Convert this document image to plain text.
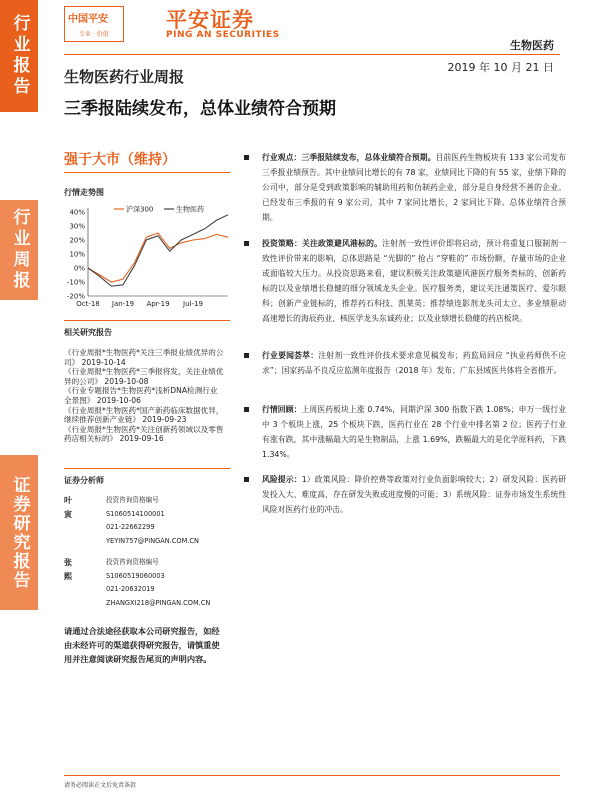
行业报告
行业周报
证券研究报告
中国平安
专业 · 价值
平安证券
PING AN SECURITIES
生物医药
2019 年 10 月 21 日
生物医药行业周报
三季报陆续发布，总体业绩符合预期
强于大市（维持）
行情走势图
40%
30%
20%
10%
0%
-10%
-20%
Oct-18 Jan-19 Apr-19 Jul-19
沪深300	生物医药
相关研究报告
《行业周报*生物医药*关注三季报业绩优异的公司》 2019-10-14
《行业周报*生物医药*三季报将发，关注业绩优异的公司》 2019-10-08
《行业专题报告*生物医药*浅析DNA检测行业全景图》 2019-10-06
《行业周报*生物医药*国产新药临床数据优异，继续推荐创新产业链》 2019-09-23
《行业周报*生物医药*关注创新药领域以及零售药店相关标的》 2019-09-16
证券分析师
叶寅
投资咨询资格编号
S1060514100001
021-22662299
YEYIN757@PINGAN.COM.CN
张熙
投资咨询资格编号
S1060519060003
021-20632019
ZHANGXI218@PINGAN.COM.CN
请通过合法途径获取本公司研究报告，如经由未经许可的渠道获得研究报告，请慎重使用并注意阅读研究报告尾页的声明内容。
行业观点：三季报陆续发布，总体业绩符合预期。目前医药生物板块有 133 家公司发布三季报业绩预告。其中业绩同比增长的有 78 家，业绩同比下降的有 55 家，业绩下降的公司中，部分是受到政策影响的辅助用药和仿制药企业，部分是自身经营不善的企业。已经发布三季报的有 9 家公司，其中 7 家同比增长，2 家同比下降。总体业绩符合预期。
投资策略：关注政策避风港标的。注射剂一致性评价即将启动，预计将重复口服制剂一致性评价带来的影响，总体思路是 “光脚的” 抢占 “穿鞋的” 市场份额，存量市场的企业或面临较大压力。从投资思路来看，建议积极关注政策避风港医疗服务类标的、创新药标的以及业绩增长稳健的细分领域龙头企业。医疗服务类，建议关注通策医疗、爱尔眼科；创新产业链标的，推荐药石科技、凯莱英；推荐绩连影剂龙头司太立、多业绩驱动高速增长的海辰药业、核医学龙头东诚药业；以及业绩增长稳健的药店板块。
行业要闻荟萃：注射剂一致性评价技术要求意见稿发布；药监局回应 “执业药师供不应求”；国家药品不良反应监测年度报告（2018 年）发布；广东县域医共体将全省推开。
行情回顾：上周医药板块上涨 0.74%，同期沪深 300 指数下跌 1.08%；申万一级行业中 3 个板块上涨，25 个板块下跌，医药行业在 28 个行业中排名第 2 位；医药子行业有涨有跌，其中涨幅最大的是生物制品，上涨 1.69%，跌幅最大的是化学原料药，下跌 1.34%。
风险提示：1）政策风险：降价控费等政策对行业负面影响较大；2）研发风险：医药研发投入大、难度高，存在研发失败或进度慢的可能；3）系统风险：证券市场发生系统性风险对医药行业的冲击。
请务必阅读正文后免责条款
